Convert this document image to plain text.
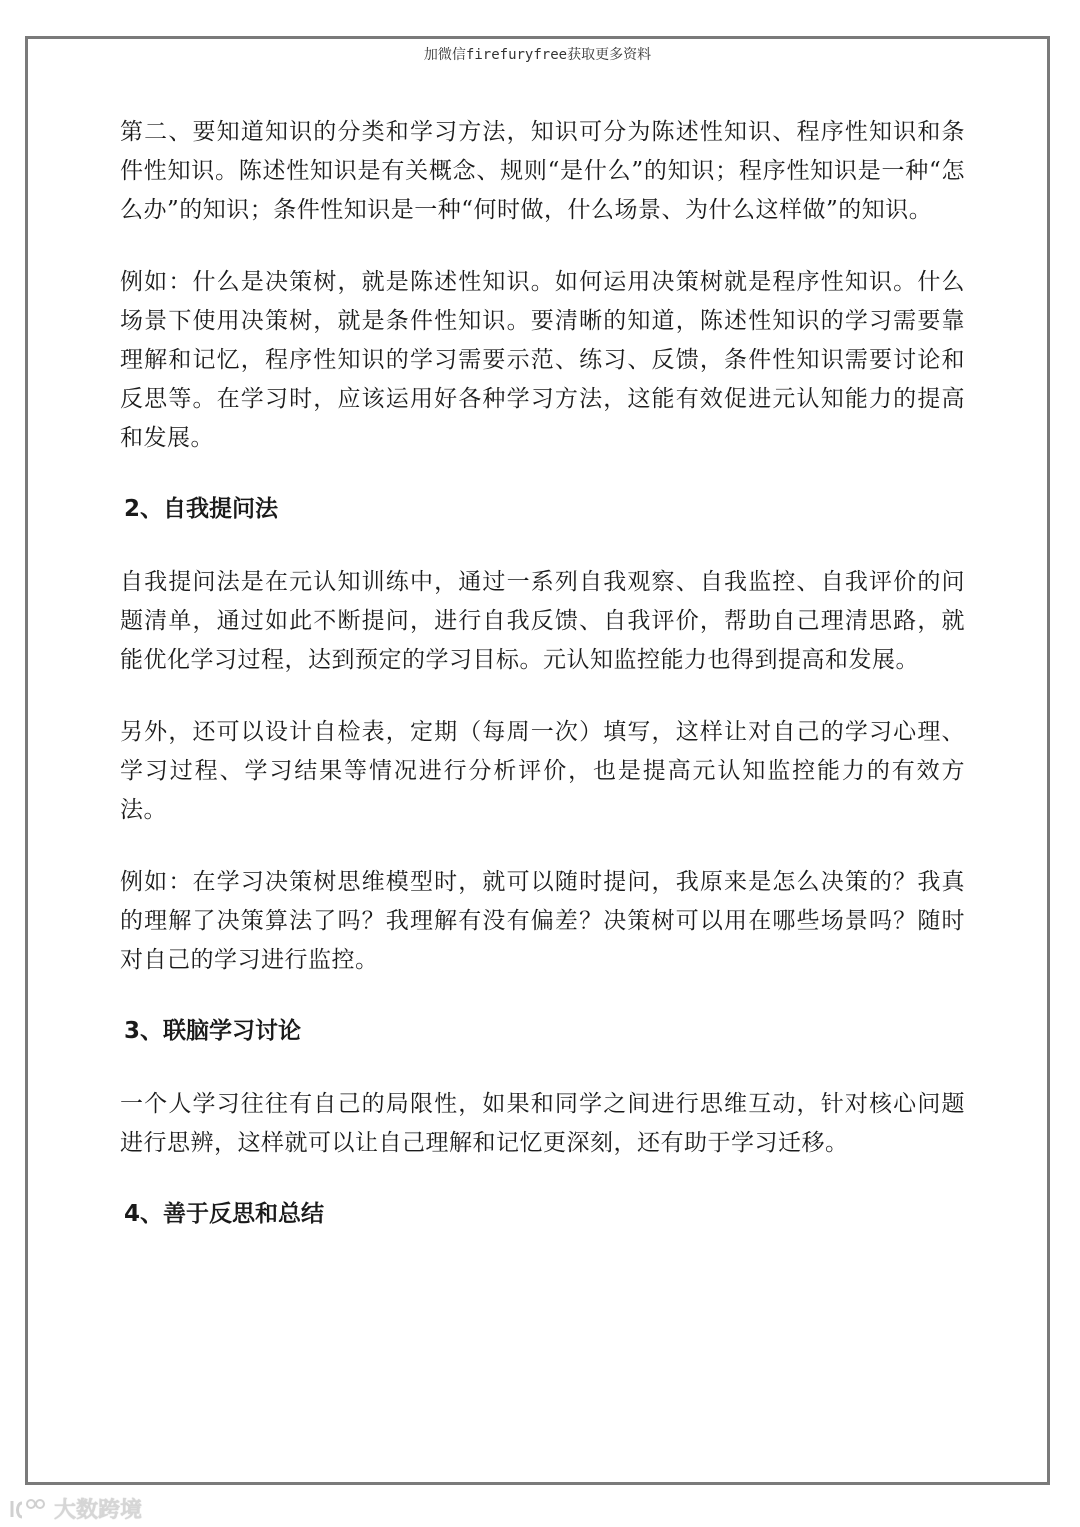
加微信firefuryfree获取更多资料

第二、要知道知识的分类和学习方法，知识可分为陈述性知识、程序性知识和条件性知识。陈述性知识是有关概念、规则“是什么”的知识；程序性知识是一种“怎么办”的知识；条件性知识是一种“何时做，什么场景、为什么这样做”的知识。

例如：什么是决策树，就是陈述性知识。如何运用决策树就是程序性知识。什么场景下使用决策树，就是条件性知识。要清晰的知道，陈述性知识的学习需要靠理解和记忆，程序性知识的学习需要示范、练习、反馈，条件性知识需要讨论和反思等。在学习时，应该运用好各种学习方法，这能有效促进元认知能力的提高和发展。

2、自我提问法

自我提问法是在元认知训练中，通过一系列自我观察、自我监控、自我评价的问题清单，通过如此不断提问，进行自我反馈、自我评价，帮助自己理清思路，就能优化学习过程，达到预定的学习目标。元认知监控能力也得到提高和发展。

另外，还可以设计自检表，定期（每周一次）填写，这样让对自己的学习心理、学习过程、学习结果等情况进行分析评价，也是提高元认知监控能力的有效方法。

例如：在学习决策树思维模型时，就可以随时提问，我原来是怎么决策的？我真的理解了决策算法了吗？我理解有没有偏差？决策树可以用在哪些场景吗？随时对自己的学习进行监控。

3、联脑学习讨论

一个人学习往往有自己的局限性，如果和同学之间进行思维互动，针对核心问题进行思辨，这样就可以让自己理解和记忆更深刻，还有助于学习迁移。

4、善于反思和总结
大数跨境
